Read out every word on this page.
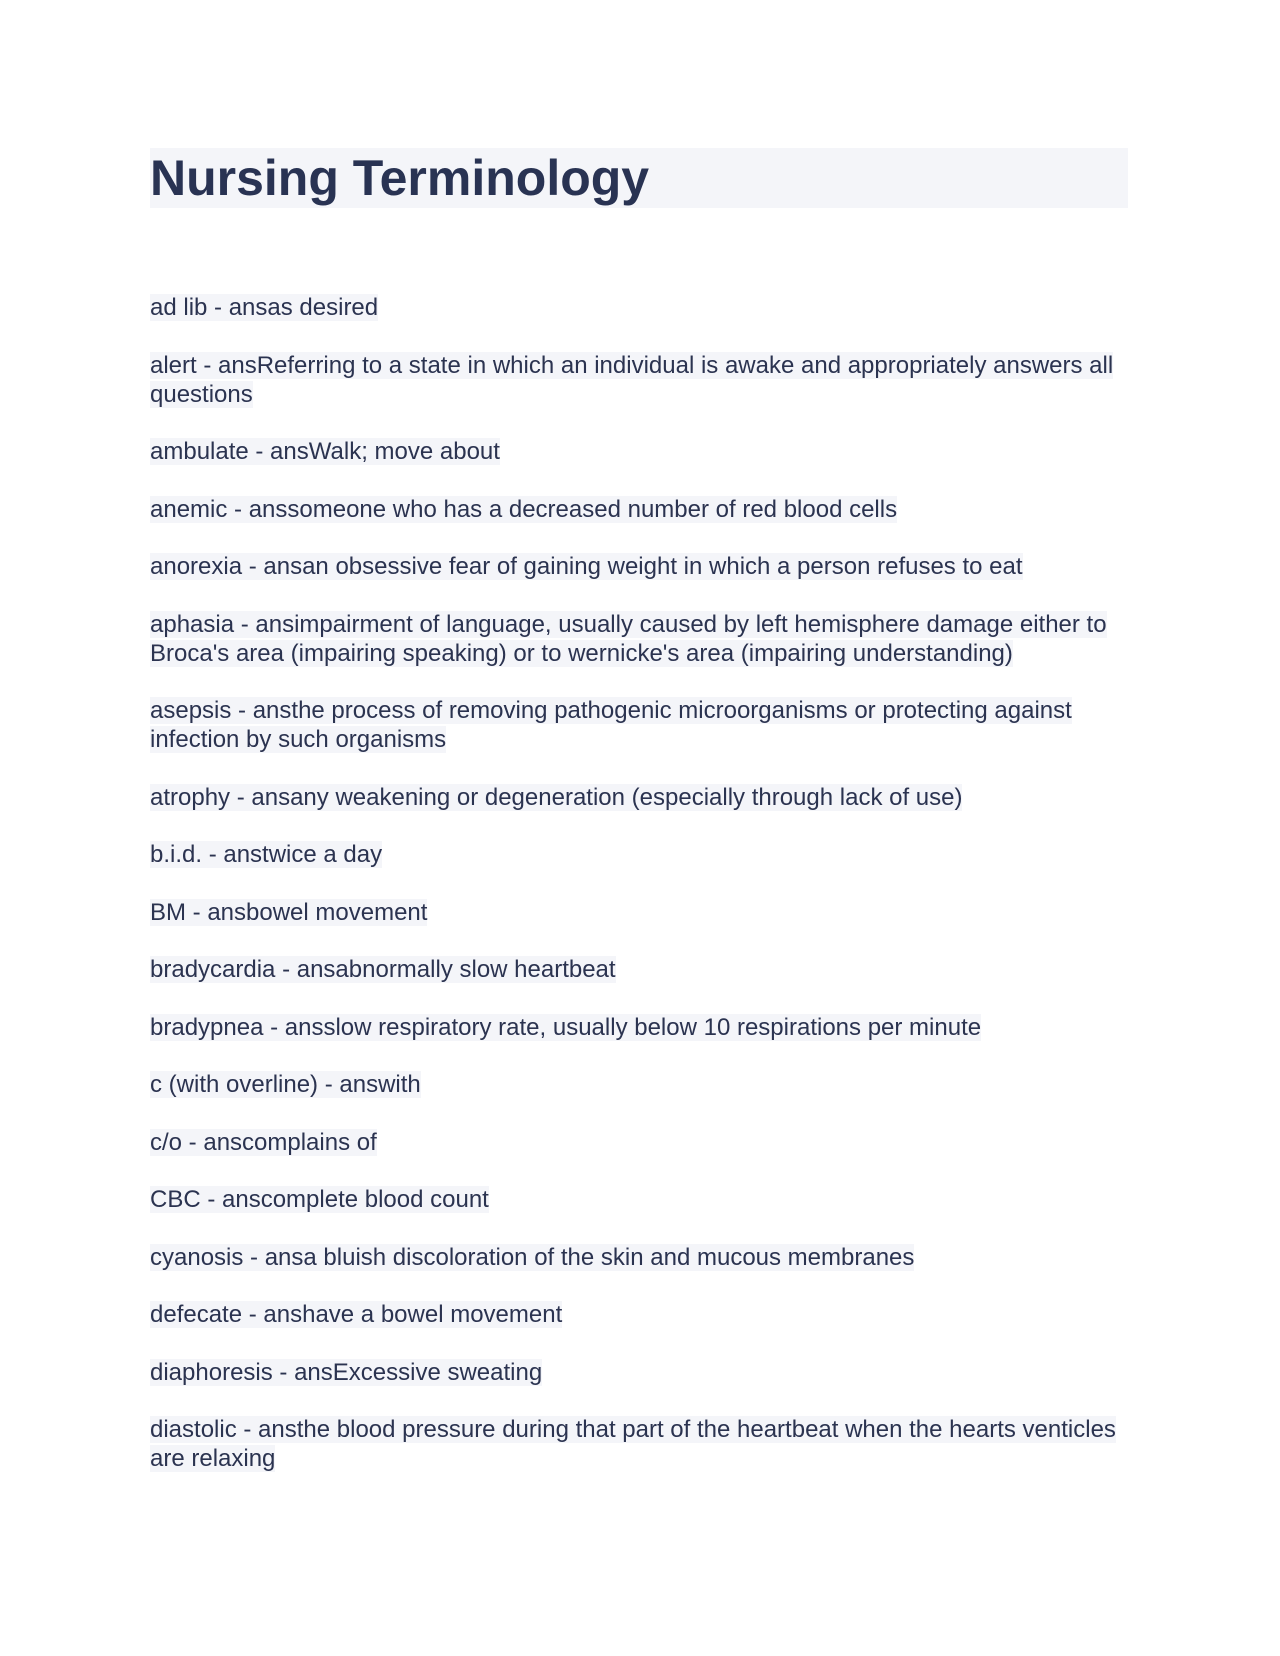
Nursing Terminology

ad lib - ansas desired

alert - ansReferring to a state in which an individual is awake and appropriately answers all questions

ambulate - ansWalk; move about

anemic - anssomeone who has a decreased number of red blood cells

anorexia - ansan obsessive fear of gaining weight in which a person refuses to eat

aphasia - ansimpairment of language, usually caused by left hemisphere damage either to Broca's area (impairing speaking) or to wernicke's area (impairing understanding)

asepsis - ansthe process of removing pathogenic microorganisms or protecting against infection by such organisms

atrophy - ansany weakening or degeneration (especially through lack of use)

b.i.d. - anstwice a day

BM - ansbowel movement

bradycardia - ansabnormally slow heartbeat

bradypnea - ansslow respiratory rate, usually below 10 respirations per minute

c (with overline) - answith

c/o - anscomplains of

CBC - anscomplete blood count

cyanosis - ansa bluish discoloration of the skin and mucous membranes

defecate - anshave a bowel movement

diaphoresis - ansExcessive sweating

diastolic - ansthe blood pressure during that part of the heartbeat when the hearts venticles are relaxing
